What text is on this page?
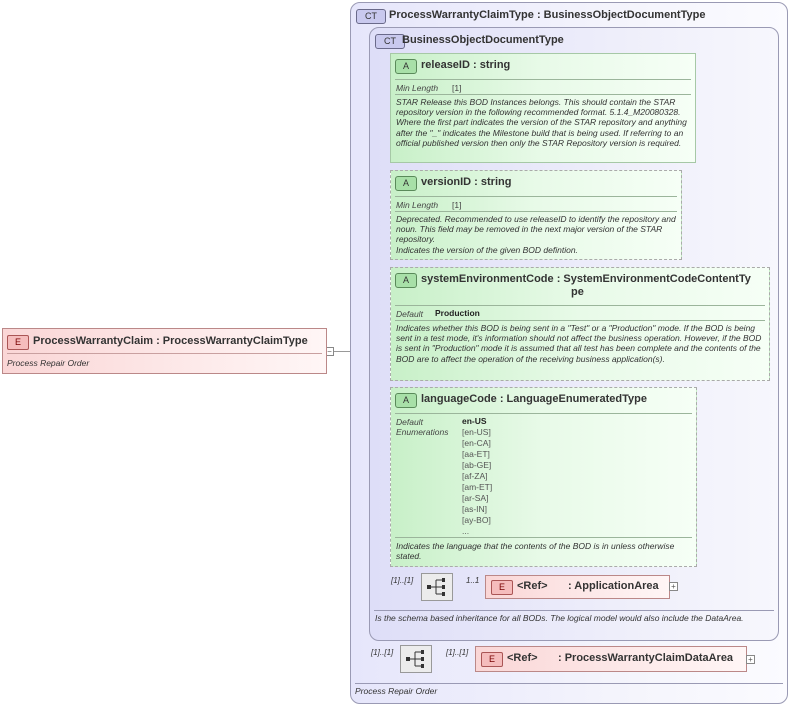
−
E	ProcessWarrantyClaim : ProcessWarrantyClaimType
Process Repair Order
CT	ProcessWarrantyClaimType : BusinessObjectDocumentType
Process Repair Order
CT BusinessObjectDocumentType
Is the schema based inheritance for all BODs. The logical model would also include the DataArea.
A	releaseID : string
Min Length [1]
STAR Release this BOD Instances belongs. This should contain the STAR repository version in the following recommended format. 5.1.4_M20080328. Where the first part indicates the version of the STAR repository and anything after the "_" indicates the Milestone build that is being used. If referring to an official published version then only the STAR Repository version is required.
A	versionID : string
Min Length [1]
Deprecated. Recommended to use releaseID to identify the repository and noun. This field may be removed in the next major version of the STAR repository.
Indicates the version of the given BOD defintion.
A	systemEnvironmentCode : SystemEnvironmentCodeContentTy
pe
Default Production
Indicates whether this BOD is being sent in a "Test" or a "Production" mode. If the BOD is being sent in a test mode, it's information should not affect the business operation. However, if the BOD is sent in "Production" mode it is assumed that all test has been complete and the contents of the BOD are to affect the operation of the receiving business application(s).
A	languageCode : LanguageEnumeratedType
Default
Enumerations
en-US
[en-US]
[en-CA]
[aa-ET]
[ab-GE]
[af-ZA]
[am-ET]
[ar-SA]
[as-IN]
[ay-BO]
...
Indicates the language that the contents of the BOD is in unless otherwise stated.
[1]..[1]	1..1
E	<Ref> : ApplicationArea +
[1]..[1]	[1]..[1]
E	<Ref> : ProcessWarrantyClaimDataArea +
